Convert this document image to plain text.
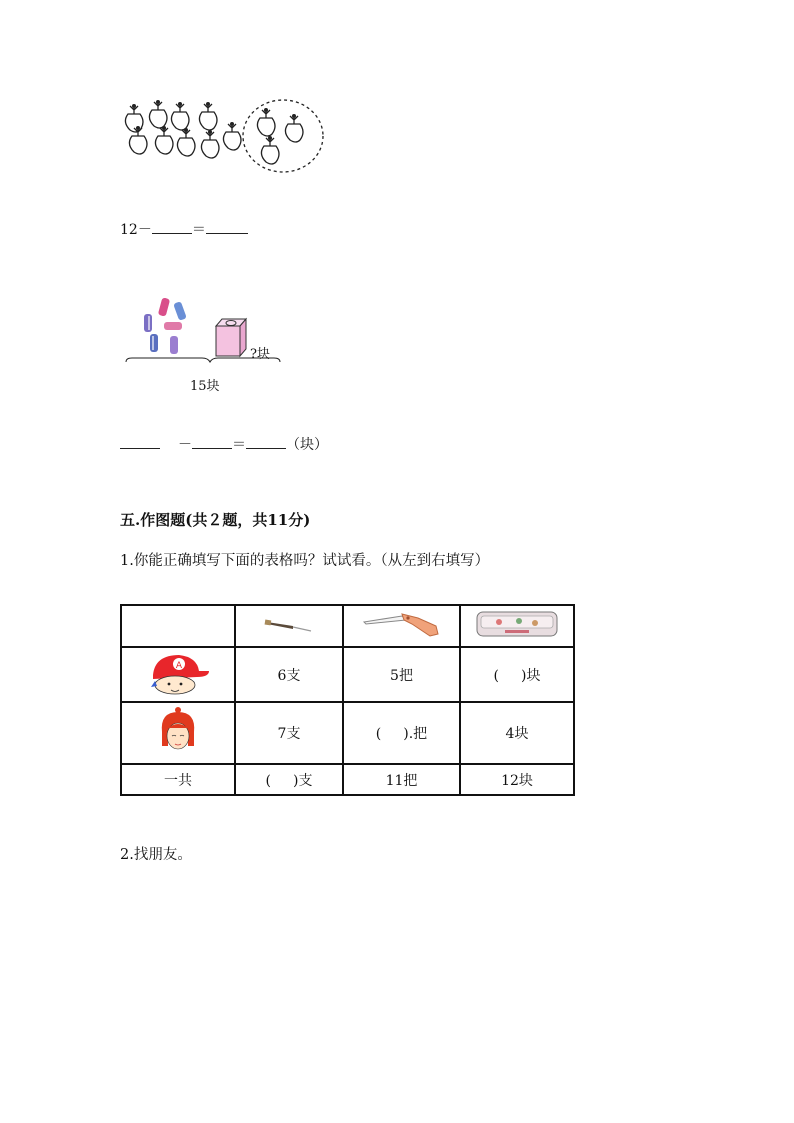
12－	＝
?块
15块
－	＝	（块）
五.作图题(共２题，共11分)
1.你能正确填写下面的表格吗？试试看。（从左到右填写）

A	6支	5把	( )块
	7支	( ).把	4块
一共	( )支	11把	12块
2.找朋友。
